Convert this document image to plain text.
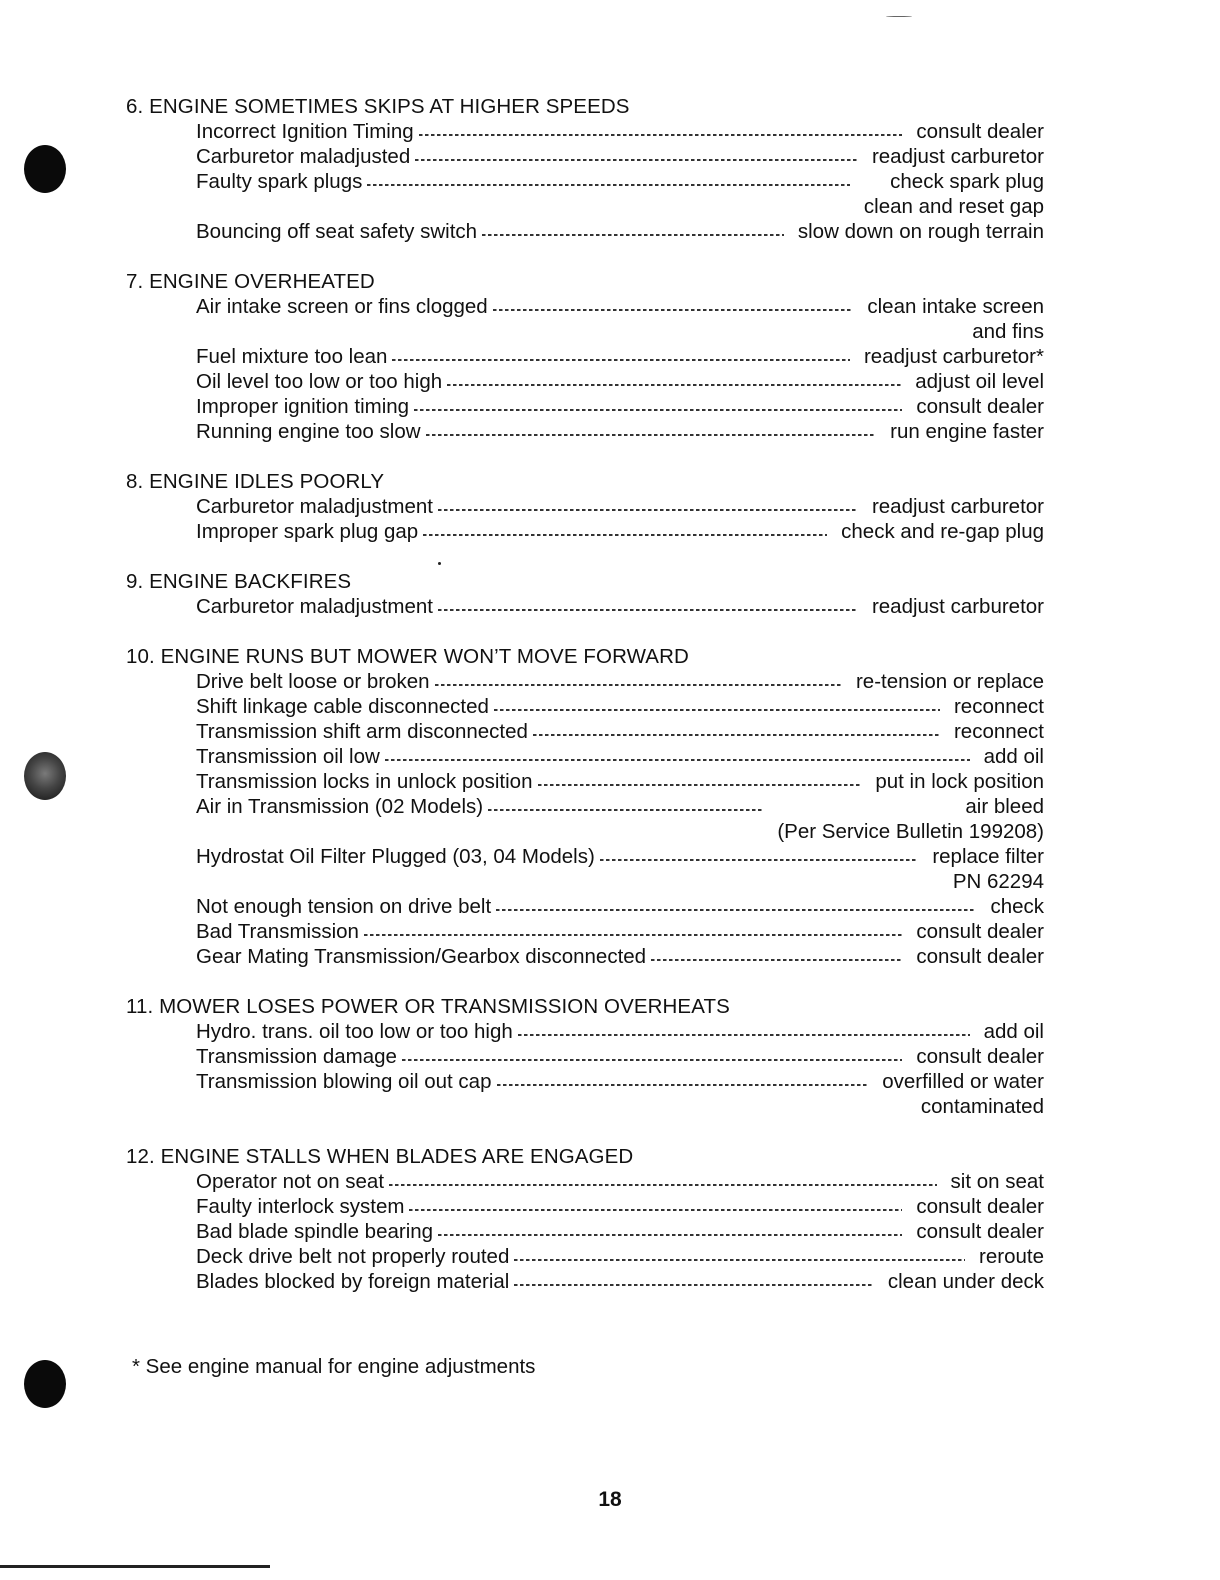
6. ENGINE SOMETIMES SKIPS AT HIGHER SPEEDS
Incorrect Ignition Timing	consult dealer
Carburetor maladjusted	readjust carburetor
Faulty spark plugs	check spark plug
clean and reset gap
Bouncing off seat safety switch	slow down on rough terrain
7. ENGINE OVERHEATED
Air intake screen or fins clogged	clean intake screen
and fins
Fuel mixture too lean	readjust carburetor*
Oil level too low or too high	adjust oil level
Improper ignition timing	consult dealer
Running engine too slow	run engine faster
8. ENGINE IDLES POORLY
Carburetor maladjustment	readjust carburetor
Improper spark plug gap	check and re-gap plug
9. ENGINE BACKFIRES
Carburetor maladjustment	readjust carburetor
10. ENGINE RUNS BUT MOWER WON’T MOVE FORWARD
Drive belt loose or broken	re-tension or replace
Shift linkage cable disconnected	reconnect
Transmission shift arm disconnected	reconnect
Transmission oil low	add oil
Transmission locks in unlock position	put in lock position
Air in Transmission (02 Models)	air bleed
(Per Service Bulletin 199208)
Hydrostat Oil Filter Plugged (03, 04 Models)	replace filter
PN 62294
Not enough tension on drive belt	check
Bad Transmission	consult dealer
Gear Mating Transmission/Gearbox disconnected	consult dealer
11. MOWER LOSES POWER OR TRANSMISSION OVERHEATS
Hydro. trans. oil too low or too high	add oil
Transmission damage	consult dealer
Transmission blowing oil out cap	overfilled or water
contaminated
12. ENGINE STALLS WHEN BLADES ARE ENGAGED
Operator not on seat	sit on seat
Faulty interlock system	consult dealer
Bad blade spindle bearing	consult dealer
Deck drive belt not properly routed	reroute
Blades blocked by foreign material	clean under deck
* See engine manual for engine adjustments
18
